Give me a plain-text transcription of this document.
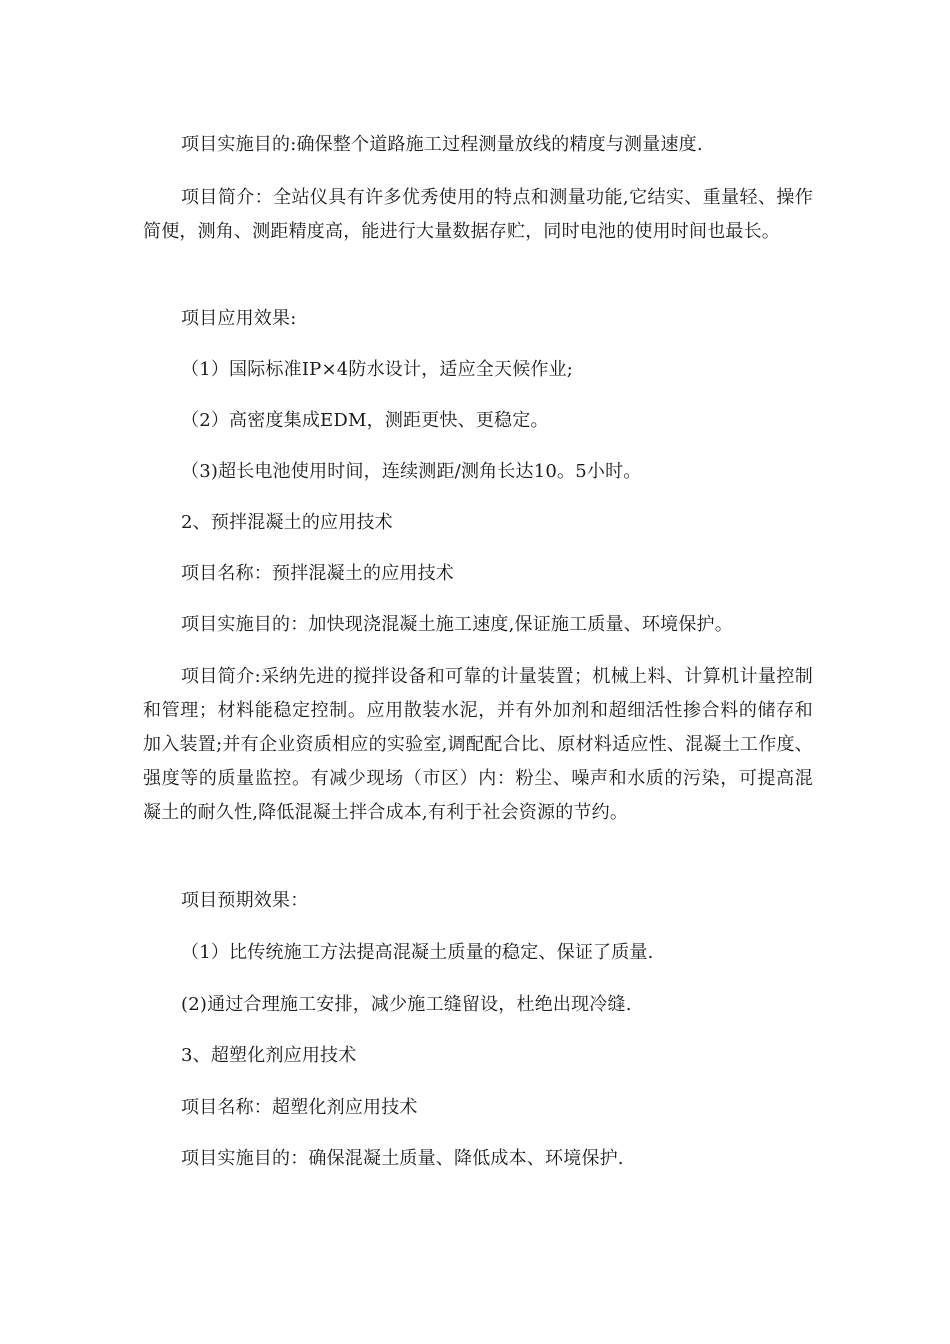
项目实施目的:确保整个道路施工过程测量放线的精度与测量速度.

项目简介：全站仪具有许多优秀使用的特点和测量功能,它结实、重量轻、操作简便，测角、测距精度高，能进行大量数据存贮，同时电池的使用时间也最长。

项目应用效果:

（1）国际标准IP×4防水设计，适应全天候作业;

（2）高密度集成EDM，测距更快、更稳定。

（3)超长电池使用时间，连续测距/测角长达10。5小时。

2、预拌混凝土的应用技术

项目名称：预拌混凝土的应用技术

项目实施目的：加快现浇混凝土施工速度,保证施工质量、环境保护。

项目简介:采纳先进的搅拌设备和可靠的计量装置；机械上料、计算机计量控制和管理；材料能稳定控制。应用散装水泥，并有外加剂和超细活性掺合料的储存和加入装置;并有企业资质相应的实验室,调配配合比、原材料适应性、混凝土工作度、强度等的质量监控。有减少现场（市区）内：粉尘、噪声和水质的污染，可提高混凝土的耐久性,降低混凝土拌合成本,有利于社会资源的节约。

项目预期效果：

（1）比传统施工方法提高混凝土质量的稳定、保证了质量.

(2)通过合理施工安排，减少施工缝留设，杜绝出现冷缝.

3、超塑化剂应用技术

项目名称：超塑化剂应用技术

项目实施目的：确保混凝土质量、降低成本、环境保护.
